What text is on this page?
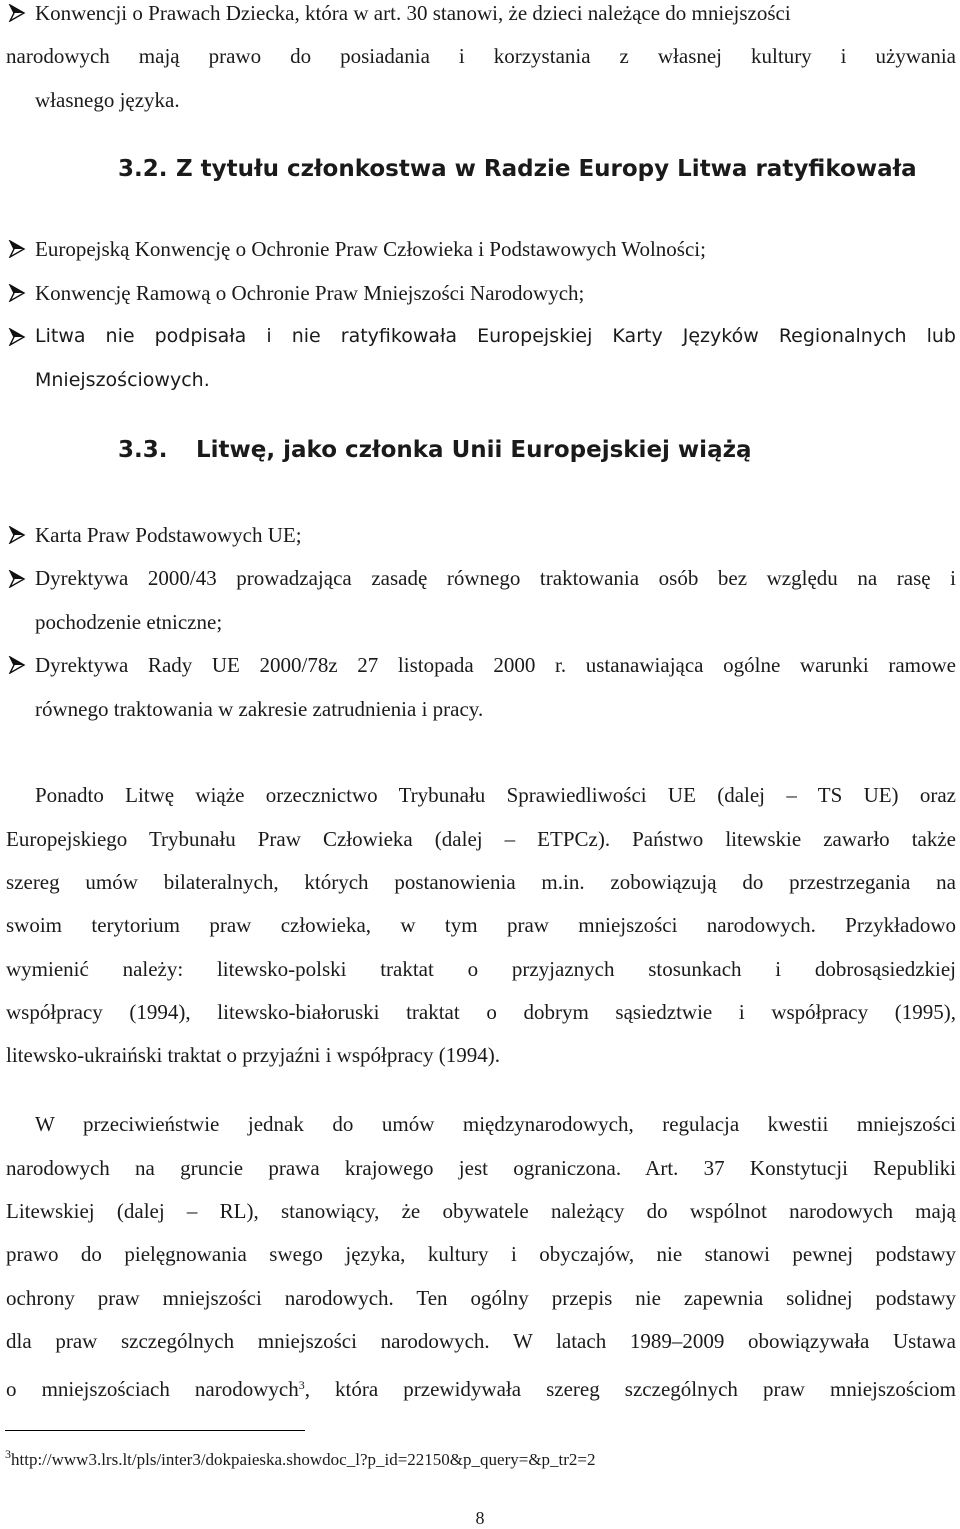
Konwencji o Prawach Dziecka, która w art. 30 stanowi, że dzieci należące do mniejszości
narodowych mają prawo do posiadania i korzystania z własnej kultury i używania
własnego języka.
3.2. Z tytułu członkostwa w Radzie Europy Litwa ratyfikowała
Europejską Konwencję o Ochronie Praw Człowieka i Podstawowych Wolności;
Konwencję Ramową o Ochronie Praw Mniejszości Narodowych;
Litwa nie podpisała i nie ratyfikowała Europejskiej Karty Języków Regionalnych lub
Mniejszościowych.
3.3. Litwę, jako członka Unii Europejskiej wiążą
Karta Praw Podstawowych UE;
Dyrektywa 2000/43 prowadzająca zasadę równego traktowania osób bez względu na rasę i
pochodzenie etniczne;
Dyrektywa Rady UE 2000/78z 27 listopada 2000 r. ustanawiająca ogólne warunki ramowe
równego traktowania w zakresie zatrudnienia i pracy.
Ponadto Litwę wiąże orzecznictwo Trybunału Sprawiedliwości UE (dalej – TS UE) oraz
Europejskiego Trybunału Praw Człowieka (dalej – ETPCz). Państwo litewskie zawarło także
szereg umów bilateralnych, których postanowienia m.in. zobowiązują do przestrzegania na
swoim terytorium praw człowieka, w tym praw mniejszości narodowych. Przykładowo
wymienić należy: litewsko-polski traktat o przyjaznych stosunkach i dobrosąsiedzkiej
współpracy (1994), litewsko-białoruski traktat o dobrym sąsiedztwie i współpracy (1995),
litewsko-ukraiński traktat o przyjaźni i współpracy (1994).
W przeciwieństwie jednak do umów międzynarodowych, regulacja kwestii mniejszości
narodowych na gruncie prawa krajowego jest ograniczona. Art. 37 Konstytucji Republiki
Litewskiej (dalej – RL), stanowiący, że obywatele należący do wspólnot narodowych mają
prawo do pielęgnowania swego języka, kultury i obyczajów, nie stanowi pewnej podstawy
ochrony praw mniejszości narodowych. Ten ogólny przepis nie zapewnia solidnej podstawy
dla praw szczególnych mniejszości narodowych. W latach 1989–2009 obowiązywała Ustawa
o mniejszościach narodowych$^3$, która przewidywała szereg szczególnych praw mniejszościom
$^3$http://www3.lrs.lt/pls/inter3/dokpaieska.showdoc_l?p_id=22150&p_query=&p_tr2=2
8
